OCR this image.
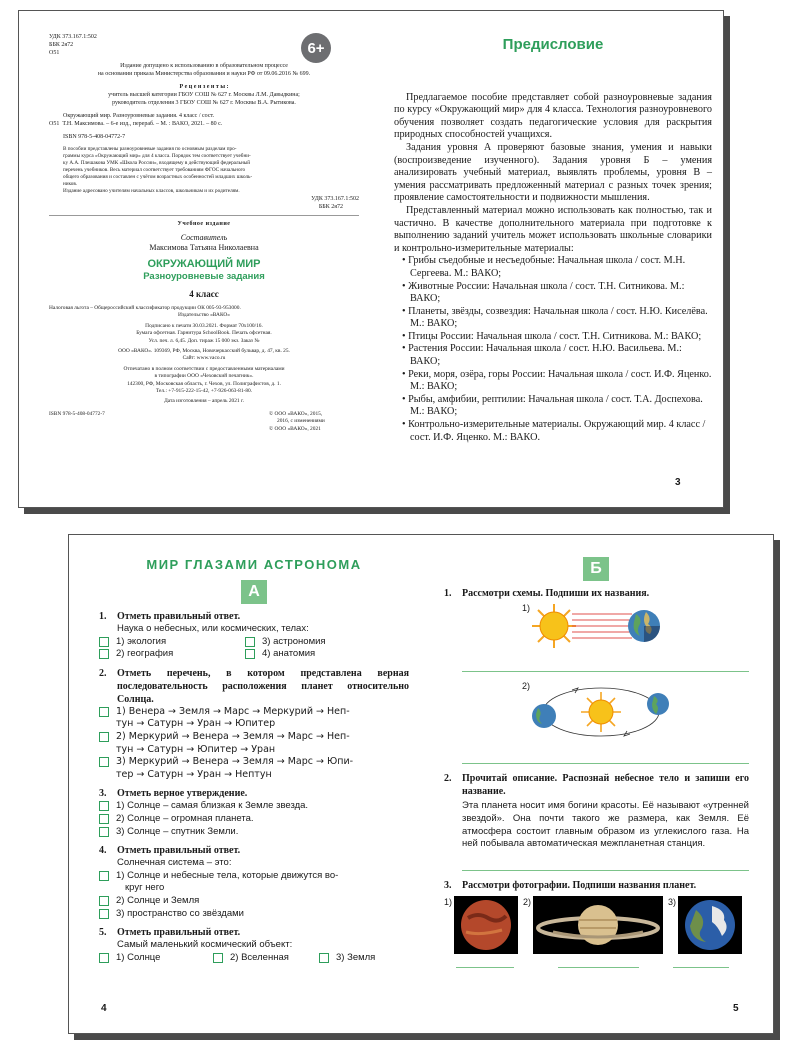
6+
УДК 373.167.1:502
ББК 2я72
О51
Издание допущено к использованию в образовательном процессе
на основании приказа Министерства образования и науки РФ от 09.06.2016 № 699.
Р е ц е н з е н т ы :
учитель высшей категории ГБОУ СОШ № 627 г. Москвы Л.М. Давыдкина;
руководитель отделения 3 ГБОУ СОШ № 627 г. Москвы В.А. Рытикова.
Окружающий мир. Разноуровневые задания. 4 класс / сост.
О51 Т.Н. Максимова. – 6-е изд., перераб. – М. : ВАКО, 2021. – 80 с.
ISBN 978-5-408-04772-7
В пособии представлены разноуровневые задания по основным разделам про-
граммы курса «Окружающий мир» для 4 класса. Порядок тем соответствует учебни-
ку А.А. Плешакова УМК «Школа России», входящему в действующий федеральный
перечень учебников. Весь материал соответствует требованиям ФГОС начального
общего образования и составлен с учётом возрастных особенностей младших школь-
ников.
Издание адресовано учителям начальных классов, школьникам и их родителям.
УДК 373.167.1:502
ББК 2я72
Учебное издание
Составитель
Максимова Татьяна Николаевна
ОКРУЖАЮЩИЙ МИР
Разноуровневые задания
4 класс
Налоговая льгота – Общероссийский классификатор продукции ОК 005-93-953000.
Издательство «ВАКО»
Подписано к печати 30.03.2021. Формат 70х100/16.
Бумага офсетная. Гарнитура SchoolBook. Печать офсетная.
Усл. печ. л. 6,45. Доп. тираж 15 000 экз. Заказ №
ООО «ВАКО». 109369, РФ, Москва, Новочеркасский бульвар, д. 47, кв. 25.
Сайт: www.vaco.ru
Отпечатано в полном соответствии с предоставленными материалами
в типографии ООО «Чеховский печатник».
142300, РФ, Московская область, г. Чехов, ул. Полиграфистов, д. 1.
Тел.: +7-915-222-15-42, +7-926-063-81-80.
Дата изготовления – апрель 2021 г.
ISBN 978-5-408-04772-7	© ООО «ВАКО», 2015,
2016, с изменениями
© ООО «ВАКО», 2021
Предисловие

Предлагаемое пособие представляет собой разноуровневые задания по курсу «Окружающий мир» для 4 класса. Технология разноуровневого обучения позволяет создать педагогические условия для раскрытия природных способностей учащихся.

Задания уровня А проверяют базовые знания, умения и навыки (воспроизведение изученного). Задания уровня Б – умения анализировать учебный материал, выявлять проблемы, уровня В – умения рассматривать предложенный материал с разных точек зрения; проявление самостоятельности и подвижности мышления.

Представленный материал можно использовать как полностью, так и частично. В качестве дополнительного материала при подготовке к выполнению заданий учитель может использовать школьные словарики и контрольно-измерительные материалы:

• Грибы съедобные и несъедобные: Начальная школа / сост. М.Н. Сергеева. М.: ВАКО;
• Животные России: Начальная школа / сост. Т.Н. Ситникова. М.: ВАКО;
• Планеты, звёзды, созвездия: Начальная школа / сост. Н.Ю. Киселёва. М.: ВАКО;
• Птицы России: Начальная школа / сост. Т.Н. Ситникова. М.: ВАКО;
• Растения России: Начальная школа / сост. Н.Ю. Васильева. М.: ВАКО;
• Реки, моря, озёра, горы России: Начальная школа / сост. И.Ф. Яценко. М.: ВАКО;
• Рыбы, амфибии, рептилии: Начальная школа / сост. Т.А. Доспехова. М.: ВАКО;
• Контрольно-измерительные материалы. Окружающий мир. 4 класс / сост. И.Ф. Яценко. М.: ВАКО.
3
МИР ГЛАЗАМИ АСТРОНОМА
А
1.	Отметь правильный ответ.
Наука о небесных, или космических, телах:
1) экология	3) астрономия
2) география	4) анатомия
2.	Отметь перечень, в котором представлена верная последовательность расположения планет относительно Солнца.
1) Венера → Земля → Марс → Меркурий → Неп-
тун → Сатурн → Уран → Юпитер
2) Меркурий → Венера → Земля → Марс → Неп-
тун → Сатурн → Юпитер → Уран
3) Меркурий → Венера → Земля → Марс → Юпи-
тер → Сатурн → Уран → Нептун
3.	Отметь верное утверждение.
1) Солнце – самая близкая к Земле звезда.
2) Солнце – огромная планета.
3) Солнце – спутник Земли.
4.	Отметь правильный ответ.
Солнечная система – это:
1) Солнце и небесные тела, которые движутся во-
круг него
2) Солнце и Земля
3) пространство со звёздами
5.	Отметь правильный ответ.
Самый маленький космический объект:
1) Солнце	2) Вселенная	3) Земля
4
Б
1.	Рассмотри схемы. Подпиши их названия.
1)
2)
2.	Прочитай описание. Распознай небесное тело и запиши его название.
Эта планета носит имя богини красоты. Её называют «утренней звездой». Она почти такого же размера, как Земля. Её атмосфера состоит главным образом из углекислого газа. На ней побывала автоматическая межпланетная станция.
3.	Рассмотри фотографии. Подпиши названия планет.
1)	2)	3)
5
